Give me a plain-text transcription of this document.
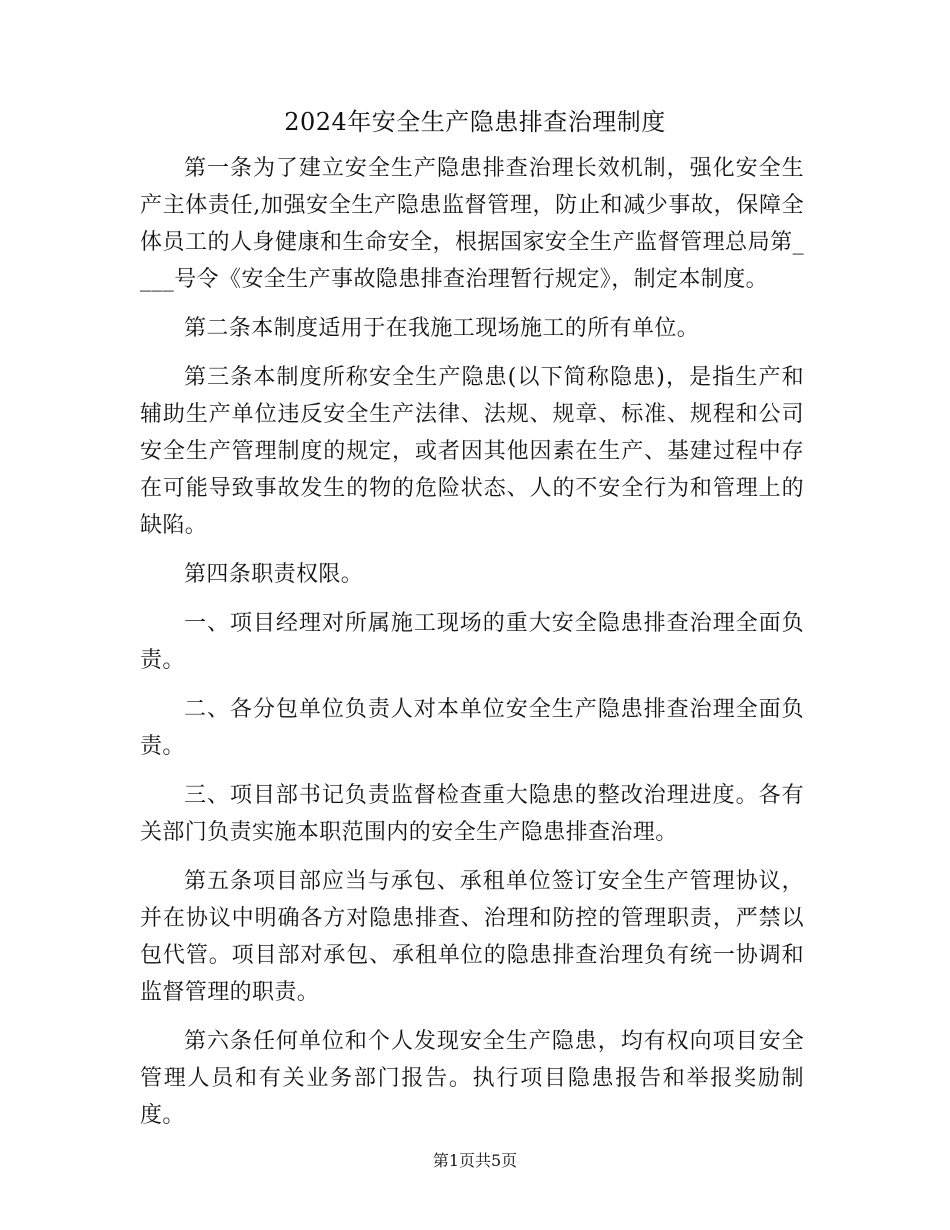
2024年安全生产隐患排查治理制度

第一条为了建立安全生产隐患排查治理长效机制，强化安全生产主体责任,加强安全生产隐患监督管理，防止和减少事故，保障全体员工的人身健康和生命安全，根据国家安全生产监督管理总局第____号令《安全生产事故隐患排查治理暂行规定》，制定本制度。

第二条本制度适用于在我施工现场施工的所有单位。

第三条本制度所称安全生产隐患(以下简称隐患)，是指生产和辅助生产单位违反安全生产法律、法规、规章、标准、规程和公司安全生产管理制度的规定，或者因其他因素在生产、基建过程中存在可能导致事故发生的物的危险状态、人的不安全行为和管理上的缺陷。

第四条职责权限。

一、项目经理对所属施工现场的重大安全隐患排查治理全面负责。

二、各分包单位负责人对本单位安全生产隐患排查治理全面负责。

三、项目部书记负责监督检查重大隐患的整改治理进度。各有关部门负责实施本职范围内的安全生产隐患排查治理。

第五条项目部应当与承包、承租单位签订安全生产管理协议，并在协议中明确各方对隐患排查、治理和防控的管理职责，严禁以包代管。项目部对承包、承租单位的隐患排查治理负有统一协调和监督管理的职责。

第六条任何单位和个人发现安全生产隐患，均有权向项目安全管理人员和有关业务部门报告。执行项目隐患报告和举报奖励制度。

第1页共5页
